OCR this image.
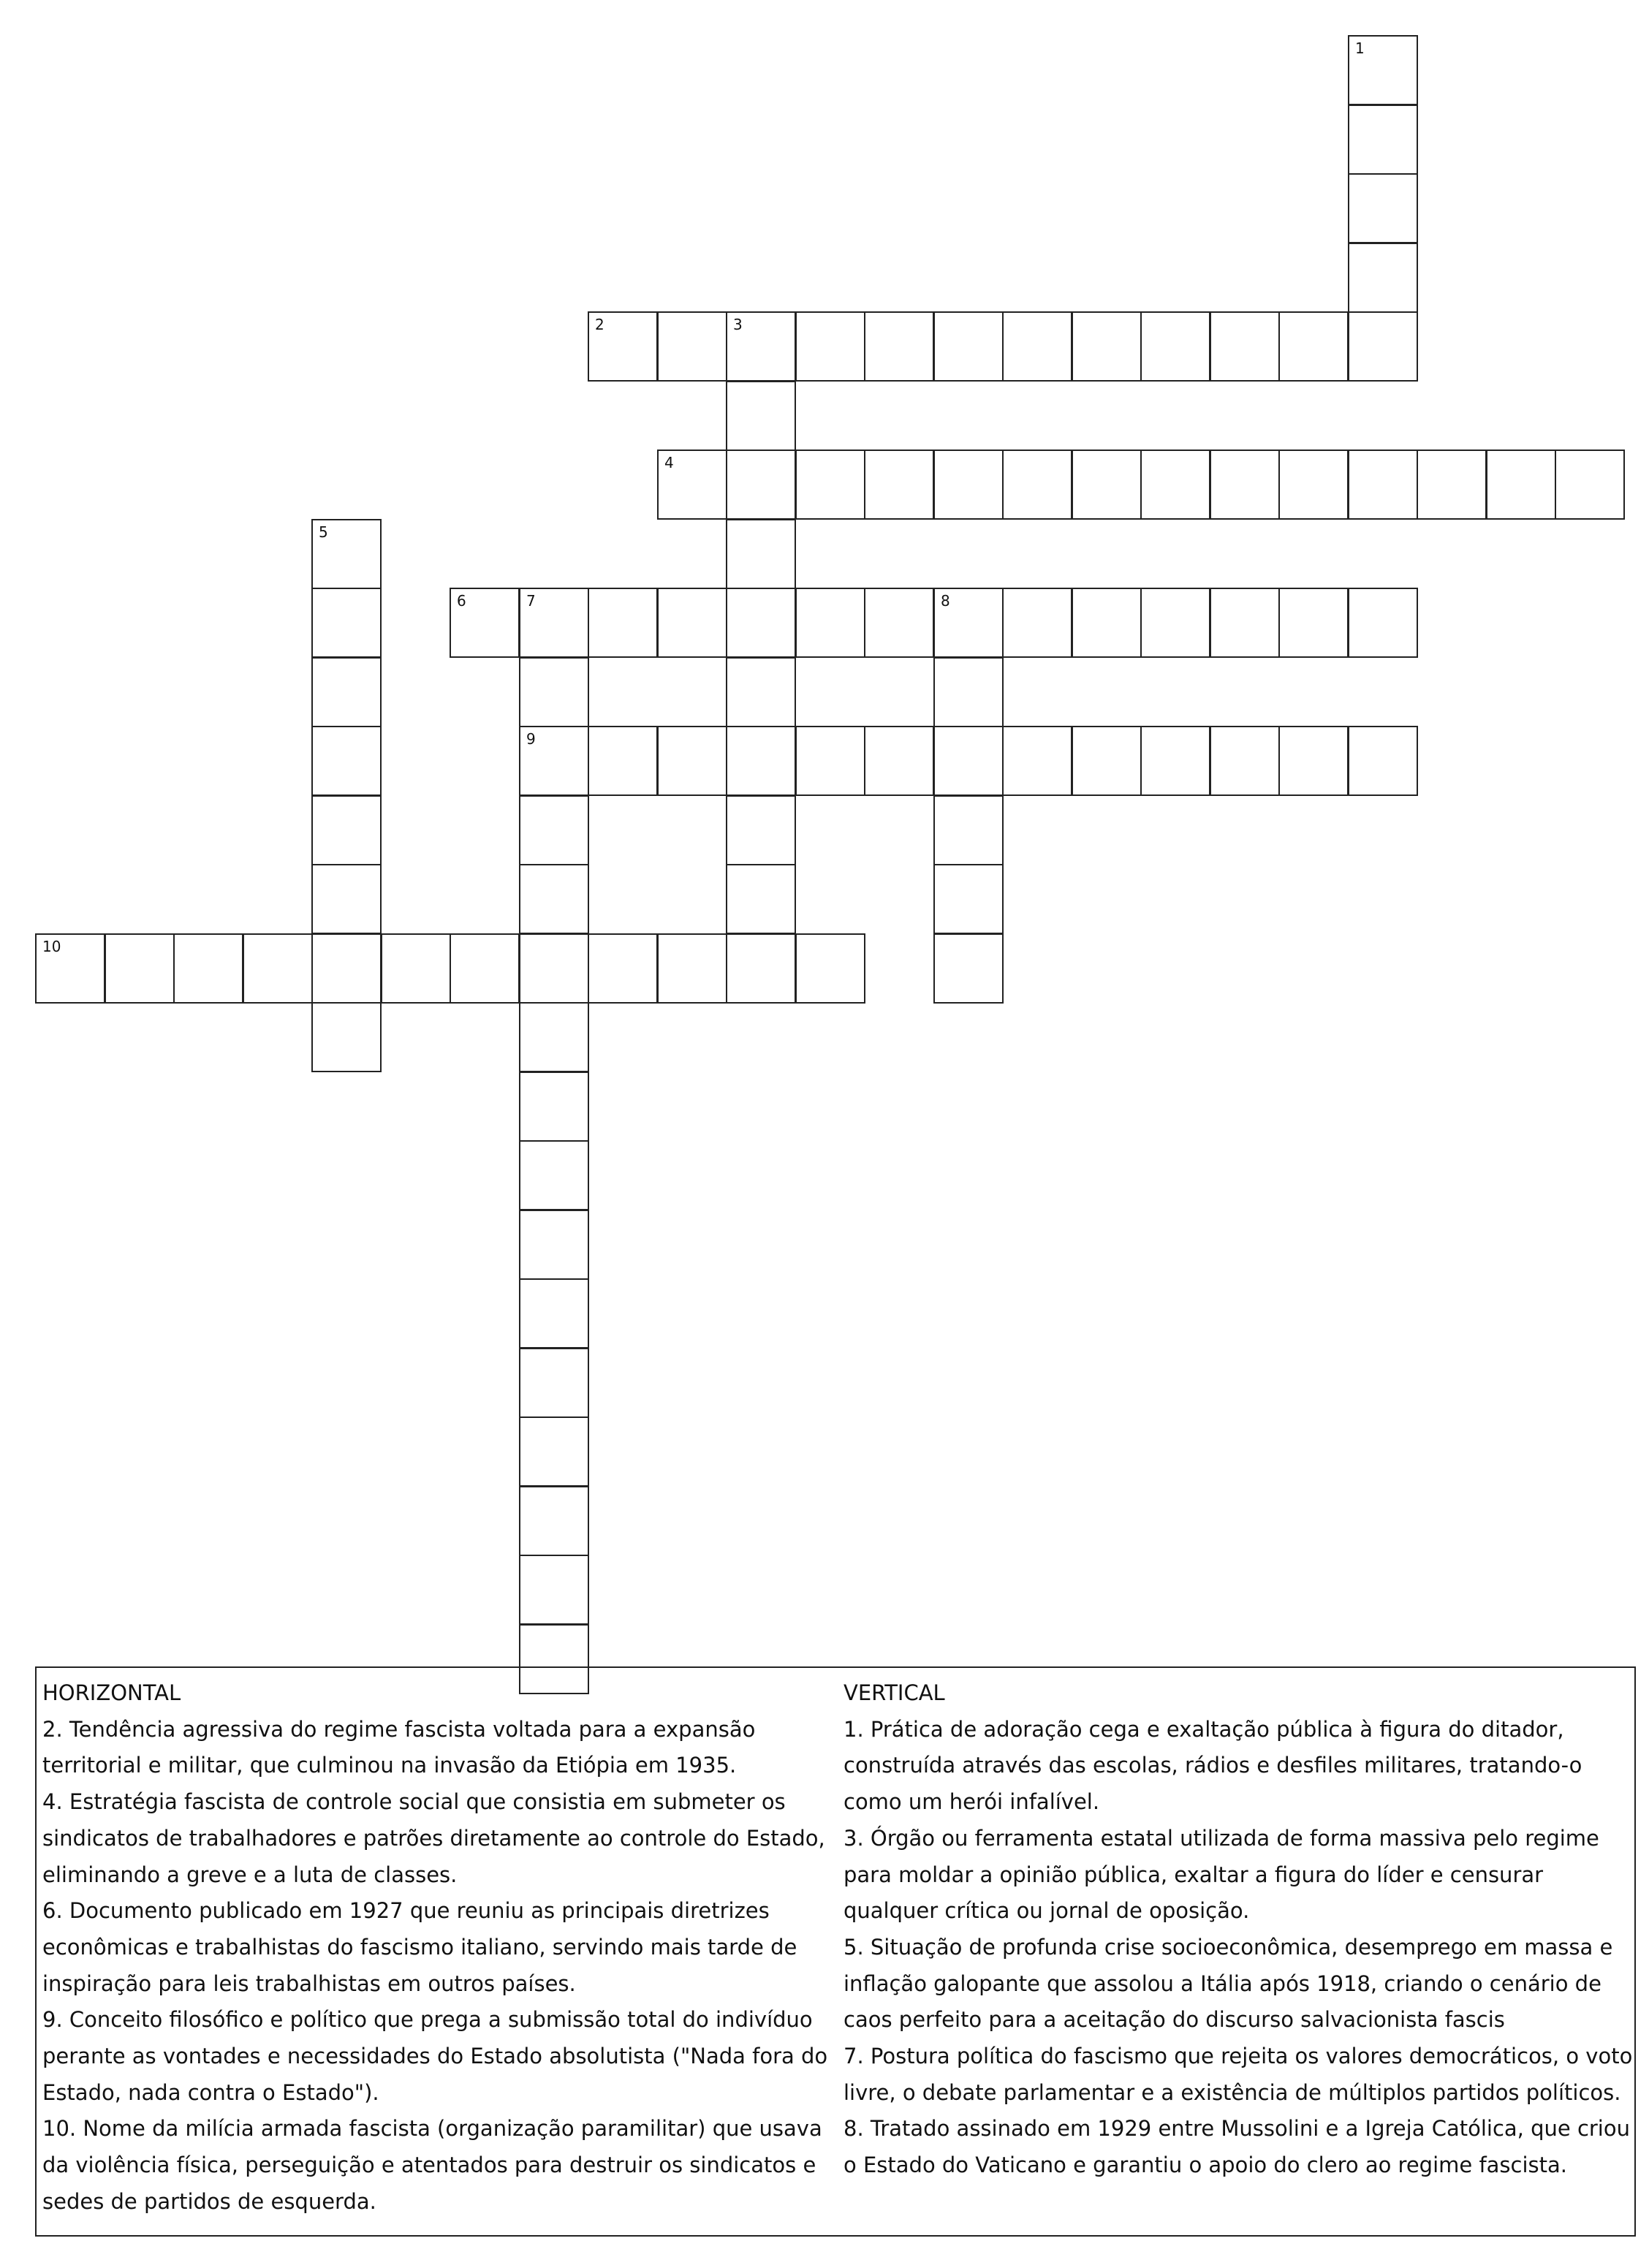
1
2	3
4
5
6	7	8
9
10
HORIZONTAL
2. Tendência agressiva do regime fascista voltada para a expansão territorial e militar, que culminou na invasão da Etiópia em 1935.
4. Estratégia fascista de controle social que consistia em submeter os sindicatos de trabalhadores e patrões diretamente ao controle do Estado, eliminando a greve e a luta de classes.
6. Documento publicado em 1927 que reuniu as principais diretrizes econômicas e trabalhistas do fascismo italiano, servindo mais tarde de inspiração para leis trabalhistas em outros países.
9. Conceito filosófico e político que prega a submissão total do indivíduo perante as vontades e necessidades do Estado absolutista ("Nada fora do Estado, nada contra o Estado").
10. Nome da milícia armada fascista (organização paramilitar) que usava da violência física, perseguição e atentados para destruir os sindicatos e sedes de partidos de esquerda.
VERTICAL
1. Prática de adoração cega e exaltação pública à figura do ditador, construída através das escolas, rádios e desfiles militares, tratando-o como um herói infalível.
3. Órgão ou ferramenta estatal utilizada de forma massiva pelo regime para moldar a opinião pública, exaltar a figura do líder e censurar qualquer crítica ou jornal de oposição.
5. Situação de profunda crise socioeconômica, desemprego em massa e inflação galopante que assolou a Itália após 1918, criando o cenário de caos perfeito para a aceitação do discurso salvacionista fascis
7. Postura política do fascismo que rejeita os valores democráticos, o voto livre, o debate parlamentar e a existência de múltiplos partidos políticos.
8. Tratado assinado em 1929 entre Mussolini e a Igreja Católica, que criou o Estado do Vaticano e garantiu o apoio do clero ao regime fascista.
